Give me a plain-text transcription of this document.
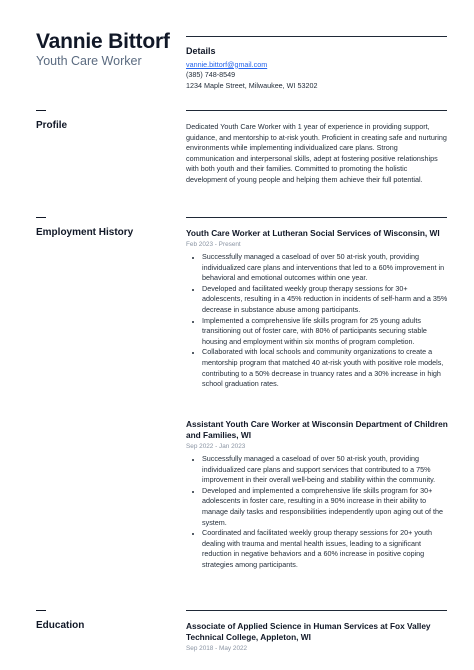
Vannie Bittorf
Youth Care Worker
Details
vannie.bittorf@gmail.com
(385) 748-8549
1234 Maple Street, Milwaukee, WI 53202
Profile	Dedicated Youth Care Worker with 1 year of experience in providing support, guidance, and mentorship to at-risk youth. Proficient in creating safe and nurturing environments while implementing individualized care plans. Strong communication and interpersonal skills, adept at fostering positive relationships with both youth and their families. Committed to promoting the holistic development of young people and helping them achieve their full potential.
Employment History	Youth Care Worker at Lutheran Social Services of Wisconsin, WI
Feb 2023 - Present
• Successfully managed a caseload of over 50 at-risk youth, providing individualized care plans and interventions that led to a 60% improvement in behavioral and emotional outcomes within one year.
• Developed and facilitated weekly group therapy sessions for 30+ adolescents, resulting in a 45% reduction in incidents of self-harm and a 35% decrease in substance abuse among participants.
• Implemented a comprehensive life skills program for 25 young adults transitioning out of foster care, with 80% of participants securing stable housing and employment within six months of program completion.
• Collaborated with local schools and community organizations to create a mentorship program that matched 40 at-risk youth with positive role models, contributing to a 50% decrease in truancy rates and a 30% increase in high school graduation rates.
Assistant Youth Care Worker at Wisconsin Department of Children and Families, WI
Sep 2022 - Jan 2023
• Successfully managed a caseload of over 50 at-risk youth, providing individualized care plans and support services that contributed to a 75% improvement in their overall well-being and stability within the community.
• Developed and implemented a comprehensive life skills program for 30+ adolescents in foster care, resulting in a 90% increase in their ability to manage daily tasks and responsibilities independently upon aging out of the system.
• Coordinated and facilitated weekly group therapy sessions for 20+ youth dealing with trauma and mental health issues, leading to a significant reduction in negative behaviors and a 60% increase in positive coping strategies among participants.
Education	Associate of Applied Science in Human Services at Fox Valley Technical College, Appleton, WI
Sep 2018 - May 2022
